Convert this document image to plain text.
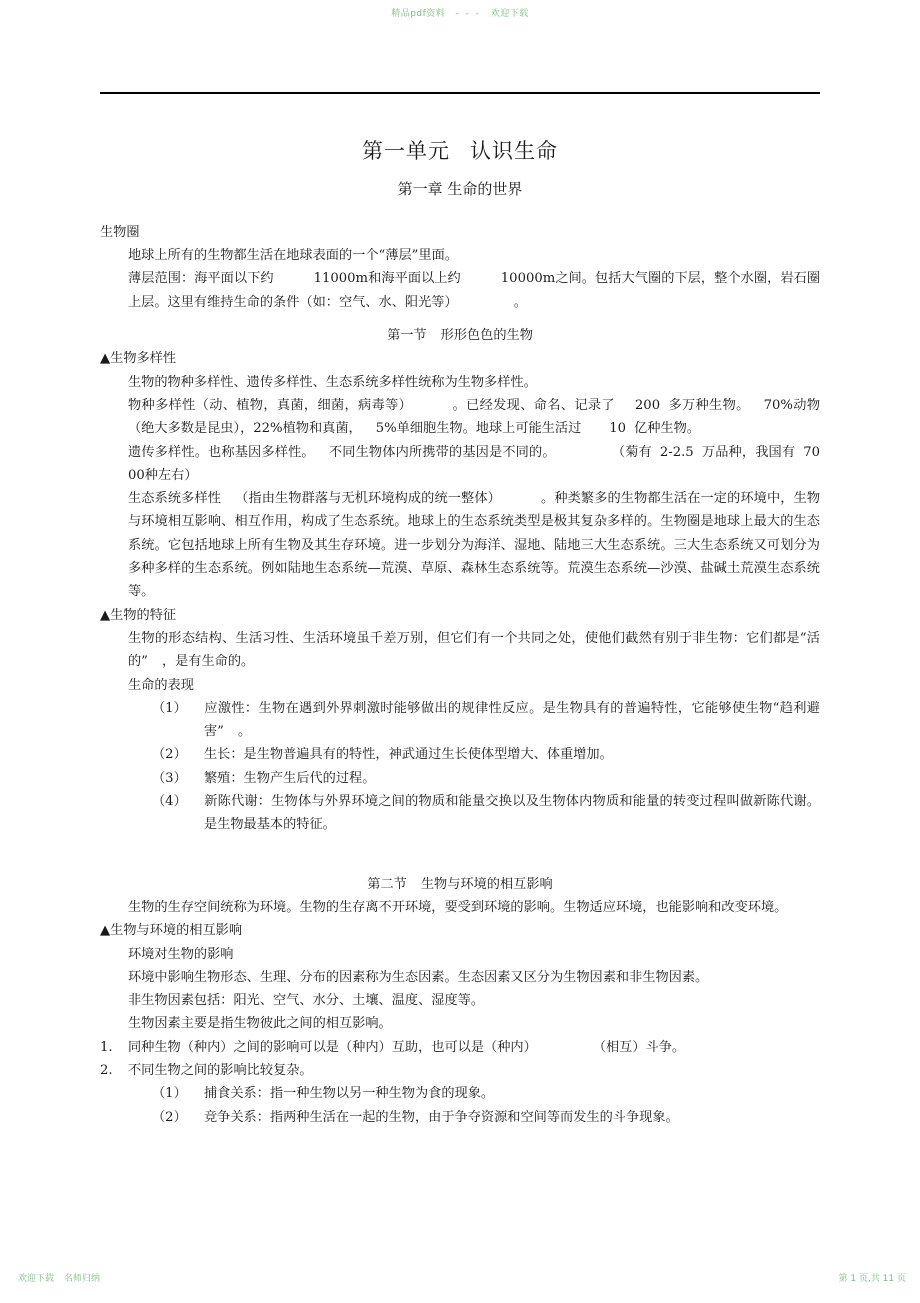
精品pdf资料 - - - 欢迎下载
第一单元 认识生命
第一章 生命的世界

生物圈

地球上所有的生物都生活在地球表面的一个“薄层”里面。

薄层范围：海平面以下约	11000m和海平面以上约	10000m之间。包括大气圈的下层，整个水圈，岩石圈上层。这里有维持生命的条件（如：空气、水、阳光等）	。

第一节 形形色色的生物

▲生物多样性

生物的物种多样性、遗传多样性、生态系统多样性统称为生物多样性。

物种多样性（动、植物，真菌，细菌，病毒等）	。已经发现、命名、记录了 200 多万种生物。 70%动物（绝大多数是昆虫），22%植物和真菌， 5%单细胞生物。地球上可能生活过 10 亿种生物。

遗传多样性。也称基因多样性。 不同生物体内所携带的基因是不同的。	（菊有 2-2.5 万品种，我国有 7000种左右）

生态系统多样性 （指由生物群落与无机环境构成的统一整体）	。种类繁多的生物都生活在一定的环境中，生物与环境相互影响、相互作用，构成了生态系统。地球上的生态系统类型是极其复杂多样的。生物圈是地球上最大的生态系统。它包括地球上所有生物及其生存环境。进一步划分为海洋、湿地、陆地三大生态系统。三大生态系统又可划分为多种多样的生态系统。例如陆地生态系统—荒漠、草原、森林生态系统等。荒漠生态系统—沙漠、盐碱土荒漠生态系统等。

▲生物的特征

生物的形态结构、生活习性、生活环境虽千差万别，但它们有一个共同之处，使他们截然有别于非生物：它们都是“活的” ，是有生命的。

生命的表现

（1） 应激性：生物在遇到外界刺激时能够做出的规律性反应。是生物具有的普遍特性，它能够使生物“趋利避害” 。
（2） 生长：是生物普遍具有的特性，神武通过生长使体型增大、体重增加。
（3） 繁殖：生物产生后代的过程。
（4） 新陈代谢：生物体与外界环境之间的物质和能量交换以及生物体内物质和能量的转变过程叫做新陈代谢。是生物最基本的特征。

第二节 生物与环境的相互影响

生物的生存空间统称为环境。生物的生存离不开环境，要受到环境的影响。生物适应环境，也能影响和改变环境。

▲生物与环境的相互影响

环境对生物的影响

环境中影响生物形态、生理、分布的因素称为生态因素。生态因素又区分为生物因素和非生物因素。

非生物因素包括：阳光、空气、水分、土壤、温度、湿度等。

生物因素主要是指生物彼此之间的相互影响。

1. 同种生物（种内）之间的影响可以是（种内）互助，也可以是（种内）	（相互）斗争。
2. 不同生物之间的影响比较复杂。
（1） 捕食关系：指一种生物以另一种生物为食的现象。
（2） 竞争关系：指两种生活在一起的生物，由于争夺资源和空间等而发生的斗争现象。
欢迎下载 名师归纳	第 1 页,共 11 页
